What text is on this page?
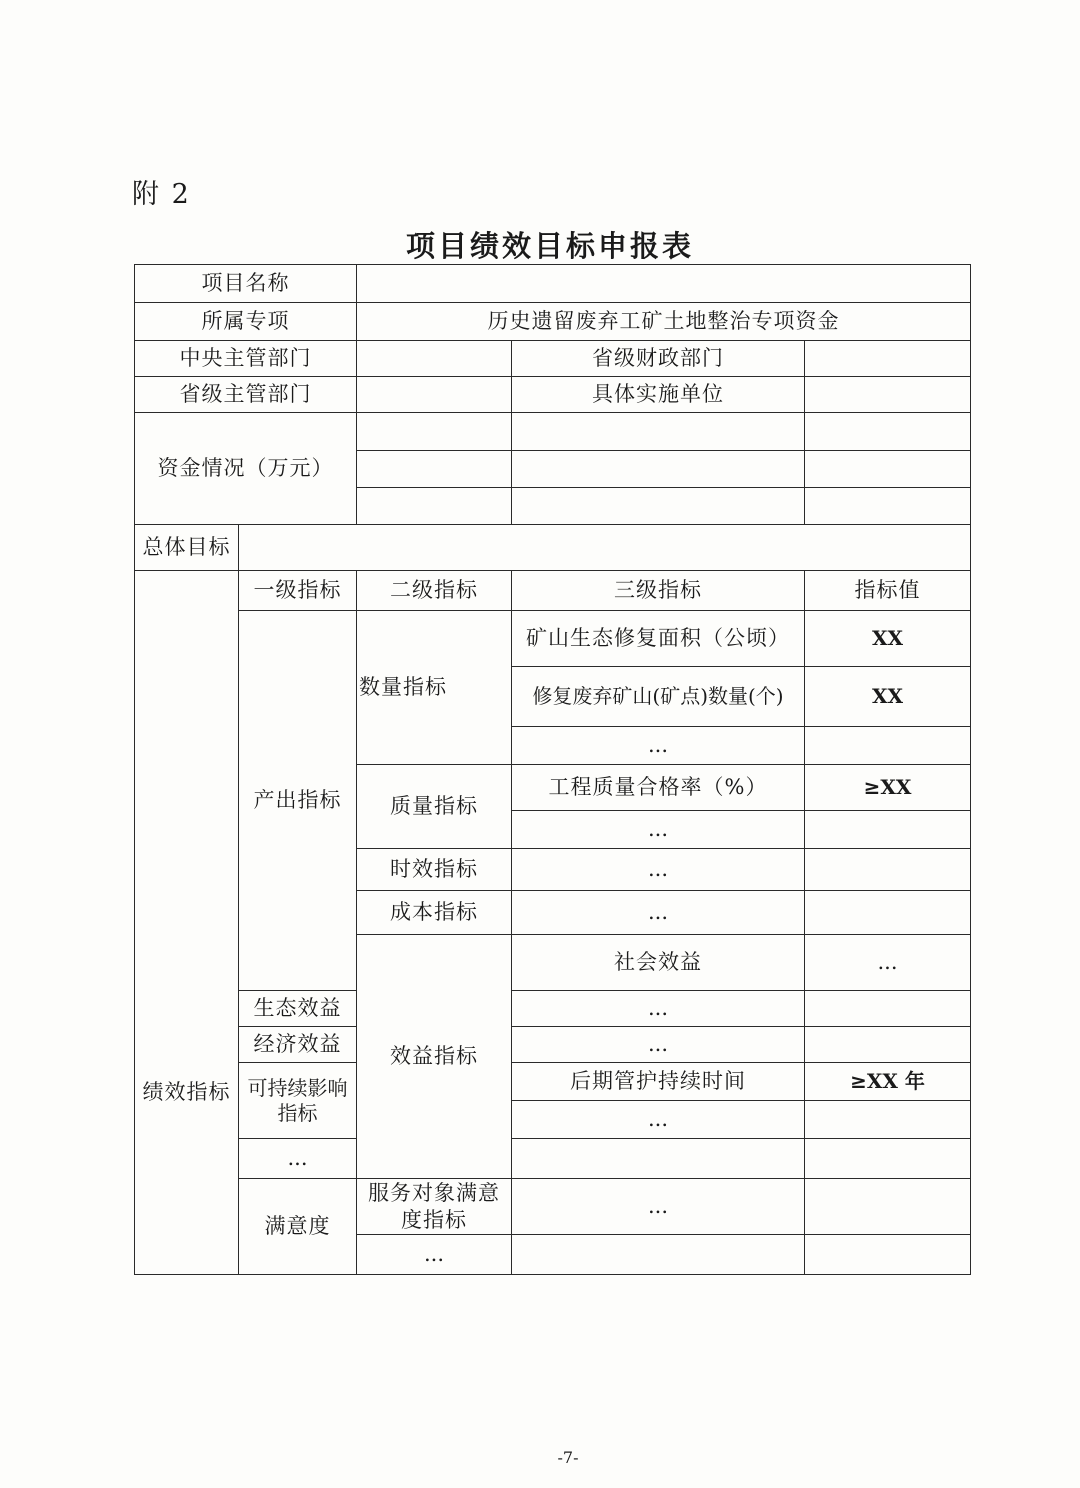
附 2
项目绩效目标申报表
项目名称					
所属专项		历史遗留废弃工矿土地整治专项资金			
中央主管部门			省级财政部门		
省级主管部门			具体实施单位		
资金情况（万元）					

总体目标					
绩效指标	一级指标	二级指标	三级指标	指标值	
	产出指标	数量指标	矿山生态修复面积（公顷）	XX	
			修复废弃矿山(矿点)数量(个)	XX	
			...		
		质量指标	工程质量合格率（%）	≥XX	
			...		
		时效指标	...		
		成本指标	...		
		效益指标	社会效益	...	
	生态效益		...		
	经济效益		...		
	可持续影响指标		后期管护持续时间	≥XX 年	
			...		
	...				
	满意度	服务对象满意度指标	...		
		...			
-7-
